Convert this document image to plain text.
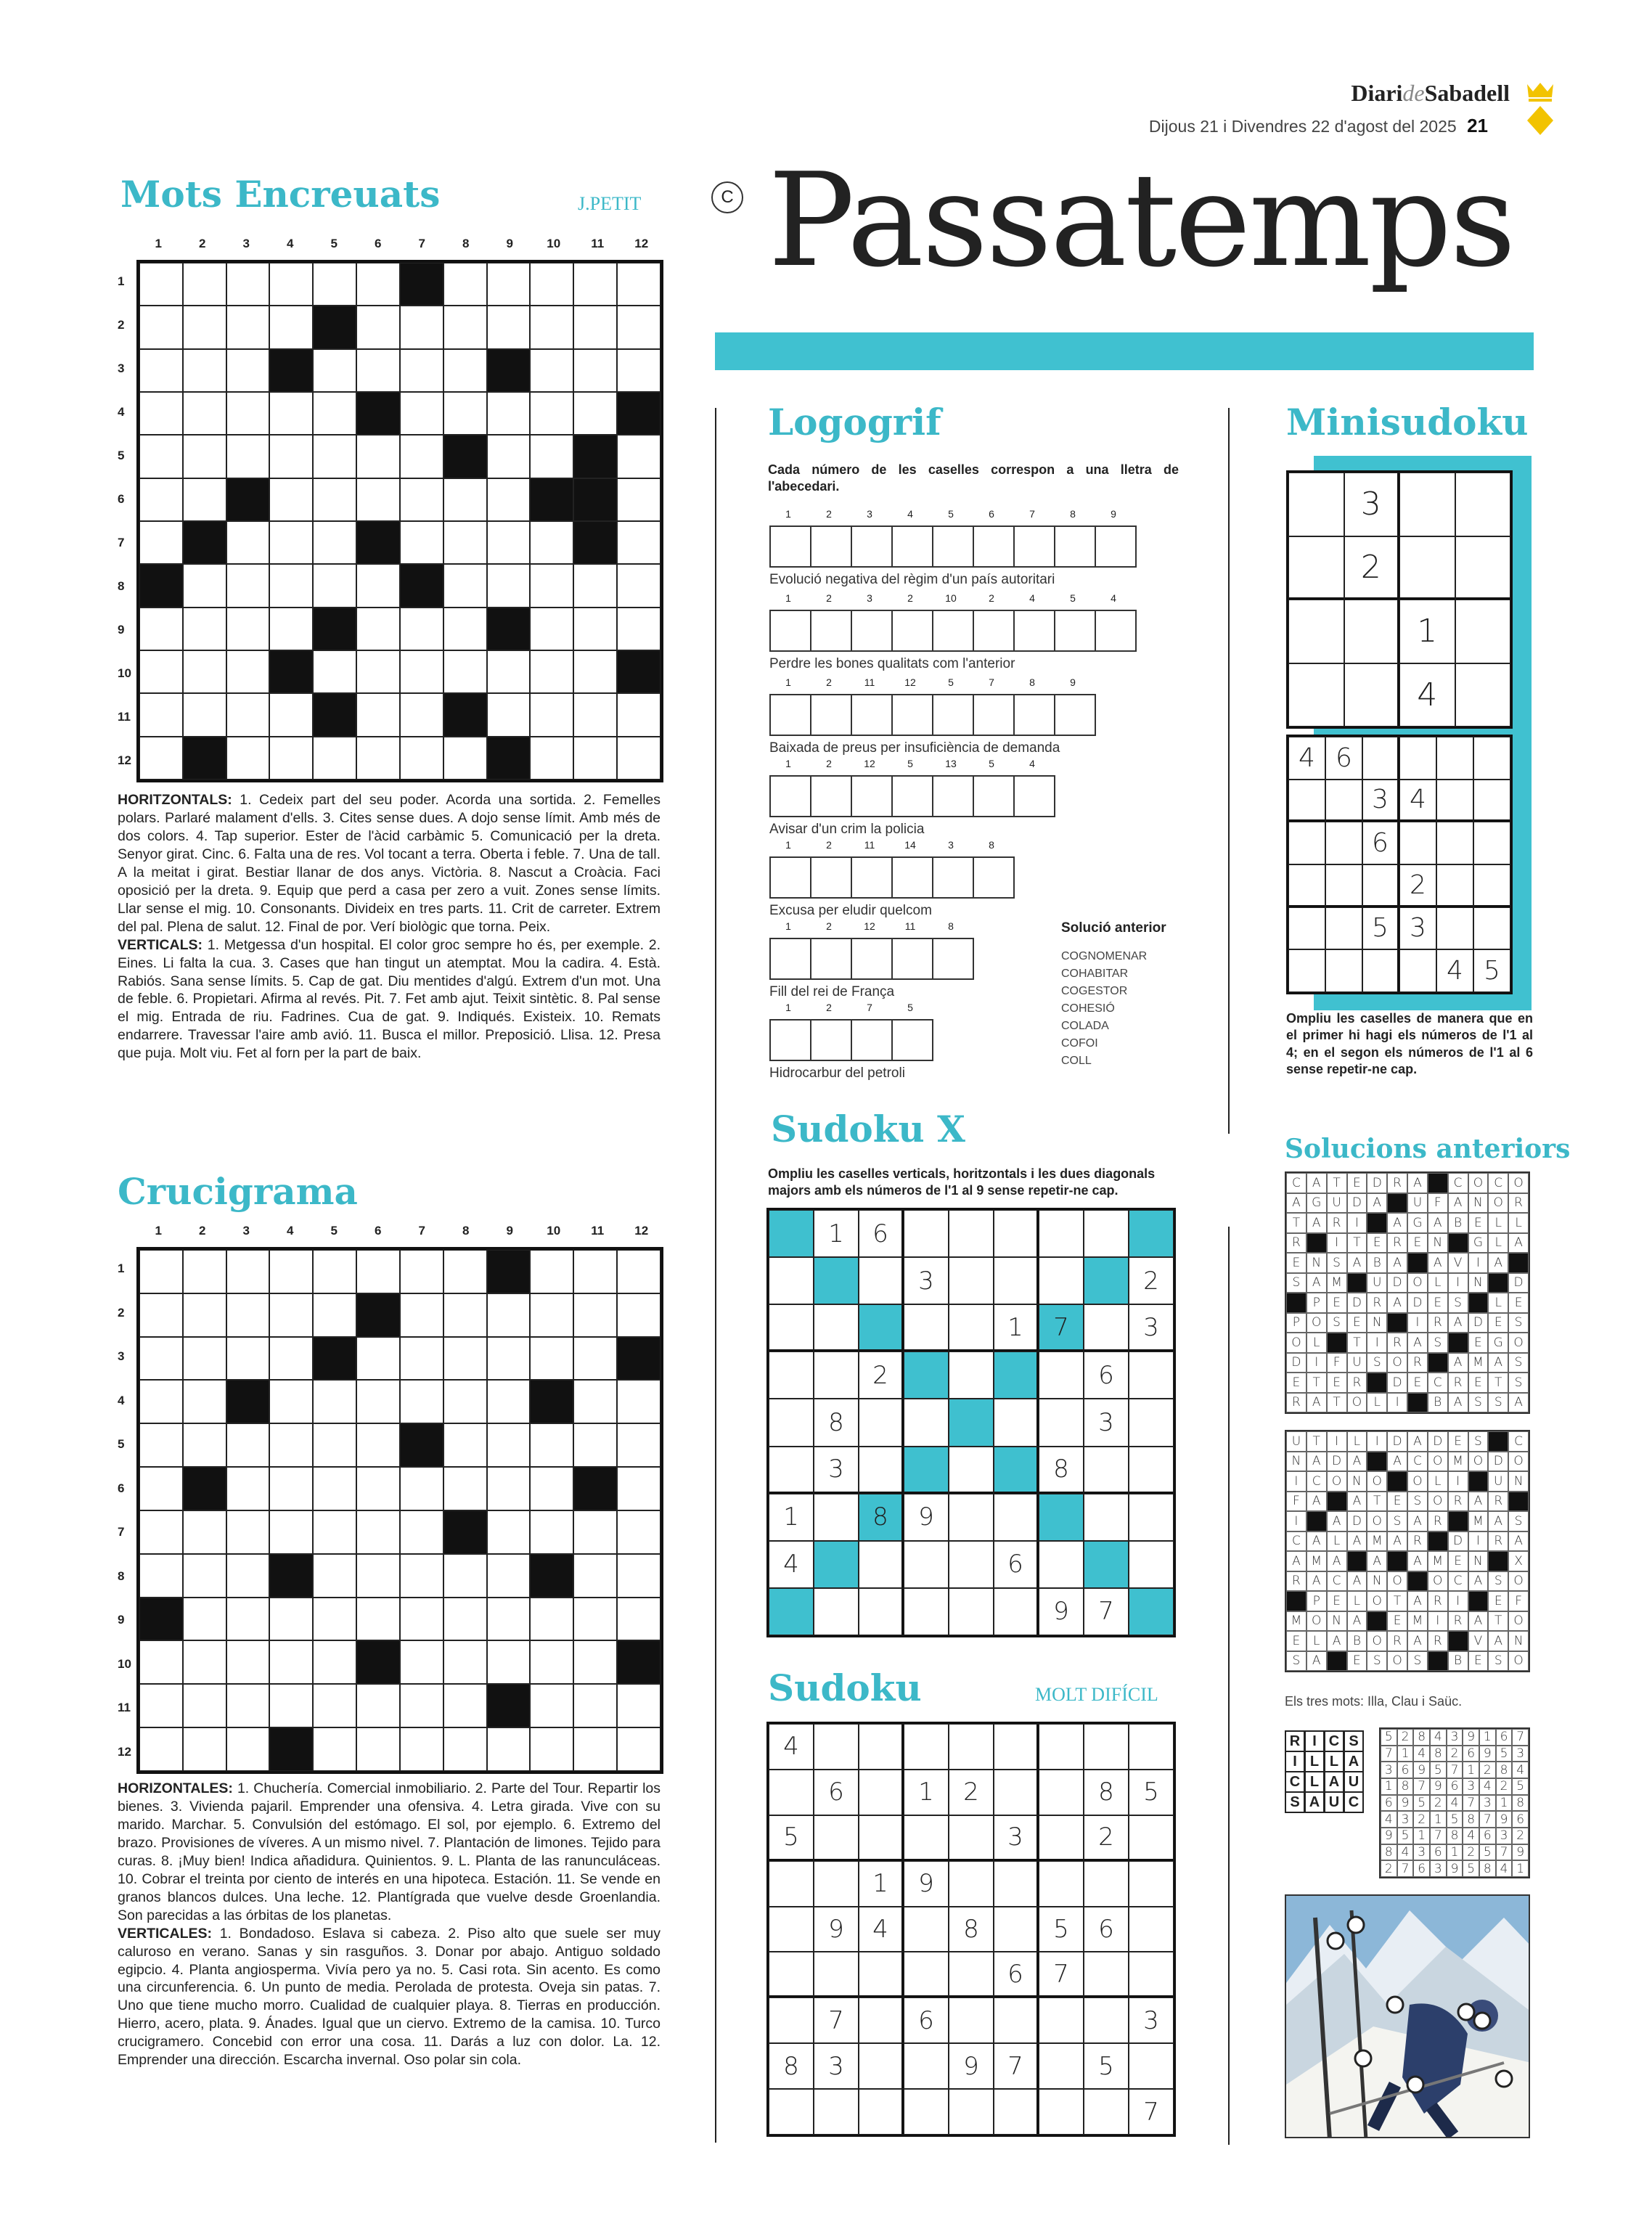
DiarideSabadell
Dijous 21 i Divendres 22 d'agost del 2025 21
C Passatemps
Mots Encreuats	J.PETIT
1	2	3	4	5	6	7	8	9	10	11	12
1
2
3
4
5
6
7
8
9
10
11
12
HORITZONTALS: 1. Cedeix part del seu poder. Acorda una sortida. 2. Femelles polars. Parlaré malament d'ells. 3. Cites sense dues. A dojo sense límit. Amb més de dos colors. 4. Tap superior. Ester de l'àcid carbàmic 5. Comunicació per la dreta. Senyor girat. Cinc. 6. Falta una de res. Vol tocant a terra. Oberta i feble. 7. Una de tall. A la meitat i girat. Bestiar llanar de dos anys. Victòria. 8. Nascut a Croàcia. Faci oposició per la dreta. 9. Equip que perd a casa per zero a vuit. Zones sense límits. Llar sense el mig. 10. Consonants. Divideix en tres parts. 11. Crit de carreter. Extrem del pal. Plena de salut. 12. Final de por. Verí biològic que torna. Peix.
VERTICALS: 1. Metgessa d'un hospital. El color groc sempre ho és, per exemple. 2. Eines. Li falta la cua. 3. Cases que han tingut un atemptat. Mou la cadira. 4. Està. Rabiós. Sana sense límits. 5. Cap de gat. Diu mentides d'algú. Extrem d'un mot. Una de feble. 6. Propietari. Afirma al revés. Pit. 7. Fet amb ajut. Teixit sintètic. 8. Pal sense el mig. Entrada de riu. Fadrines. Cua de gat. 9. Indiqués. Existeix. 10. Remats endarrere. Travessar l'aire amb avió. 11. Busca el millor. Preposició. Llisa. 12. Presa que puja. Molt viu. Fet al forn per la part de baix.
Crucigrama
1	2	3	4	5	6	7	8	9	10	11	12
1
2
3
4
5
6
7
8
9
10
11
12
HORIZONTALES: 1. Chuchería. Comercial inmobiliario. 2. Parte del Tour. Repartir los bienes. 3. Vivienda pajaril. Emprender una ofensiva. 4. Letra girada. Vive con su marido. Marchar. 5. Convulsión del estómago. El sol, por ejemplo. 6. Extremo del brazo. Provisiones de víveres. A un mismo nivel. 7. Plantación de limones. Tejido para curas. 8. ¡Muy bien! Indica añadidura. Quinientos. 9. L. Planta de las ranunculáceas. 10. Cobrar el treinta por ciento de interés en una hipoteca. Estación. 11. Se vende en granos blancos dulces. Una leche. 12. Plantígrada que vuelve desde Groenlandia. Son parecidas a las órbitas de los planetas.
VERTICALES: 1. Bondadoso. Eslava si cabeza. 2. Piso alto que suele ser muy caluroso en verano. Sanas y sin rasguños. 3. Donar por abajo. Antiguo soldado egipcio. 4. Planta angiosperma. Vivía pero ya no. 5. Casi rota. Sin acento. Es como una circunferencia. 6. Un punto de media. Perolada de protesta. Oveja sin patas. 7. Uno que tiene mucho morro. Cualidad de cualquier playa. 8. Tierras en producción. Hierro, acero, plata. 9. Ánades. Igual que un ciervo. Extremo de la camisa. 10. Turco crucigramero. Concebid con error una cosa. 11. Darás a luz con dolor. La. 12. Emprender una dirección. Escarcha invernal. Oso polar sin cola.
Logogrif
Cada número de les caselles correspon a una lletra de l'abecedari.
1	2	3	4	5	6	7	8	9
Evolució negativa del règim d'un país autoritari
1	2	3	2	10	2	4	5	4
Perdre les bones qualitats com l'anterior
1	2	11	12	5	7	8	9
Baixada de preus per insuficiència de demanda
1	2	12	5	13	5	4
Avisar d'un crim la policia
1	2	11	14	3	8
Excusa per eludir quelcom
1	2	12	11	8
Fill del rei de França
1	2	7	5
Hidrocarbur del petroli
Solució anterior
COGNOMENAR
COHABITAR
COGESTOR
COHESIÓ
COLADA
COFOI
COLL
Minisudoku
3
2
1
4
4 6
3 4
6
2
5 3
4 5
Ompliu les caselles de manera que en el primer hi hagi els números de l'1 al 4; en el segon els números de l'1 al 6 sense repetir-ne cap.
Sudoku X
Ompliu les caselles verticals, horitzontals i les dues diagonals majors amb els números de l'1 al 9 sense repetir-ne cap.
1	6
3	2
1	7	3
2	6
8	3
3	8
1	8	9
4	6
9	7
Sudoku	MOLT DIFÍCIL
4
6	1	2	8	5
5	3	2
1	9
9	4	8	5	6
6	7
7	6	3
8	3	9	7	5
7
Solucions anteriors
C A T	E D R A	C O C O
A G U D A	U F	A N O R
T A R	I	A G A B E	L	L
R	I	T	E R E N	G L	A
E N S A B A	A V	I	A
S A M	U D O L	I	N	D
P	E D R A D E	S	L	E
P O S	E N	I	R A D E	S
O L	T	I	R A S	E G O
D	I	F U S O R	A M A S
E	T	E R	D E C R E	T	S
R A T O L	I	B A S	S A
U T	I	L	I	D A D E	S	C
N A D A	A C O M O D O
I	C O N O	O L	I	U N
F	A	A T	E	S O R A R
I	A D O S A R	M A S
C A	L	A M A R	D	I	R A
A M A	A	A M E N	X
R A C A N O	O C A S O
P	E	L O T A R	I	E	F
M O N A	E M	I	R A T O
E	L	A B O R A R	V A N
S A	E	S O S	B E	S O
Els tres mots: Illa, Clau i Saüc.
R I C S
I L L A
C L A U
S A U C
5 2 8 4 3 9 1 6 7
7 1 4 8 2 6 9 5 3
3 6 9 5 7 1 2 8 4
1 8 7 9 6 3 4 2 5
6 9 5 2 4 7 3 1 8
4 3 2 1 5 8 7 9 6
9 5 1 7 8 4 6 3 2
8 4 3 6 1 2 5 7 9
2 7 6 3 9 5 8 4 1
